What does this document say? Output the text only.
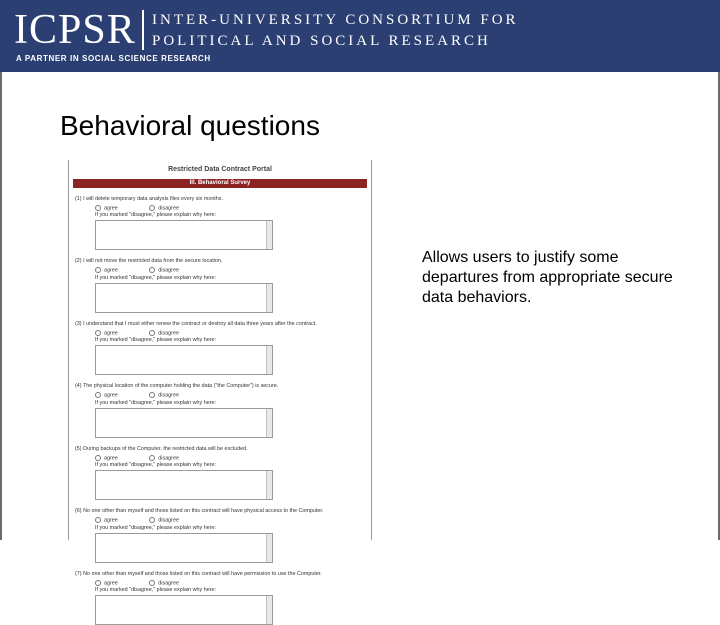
ICPSR INTER-UNIVERSITY CONSORTIUM FOR
POLITICAL AND SOCIAL RESEARCH
A PARTNER IN SOCIAL SCIENCE RESEARCH
Behavioral questions
Restricted Data Contract Portal
III. Behavioral Survey
(1) I will delete temporary data analysis files every six months.
agree	disagree
If you marked "disagree," please explain why here:
(2) I will not move the restricted data from the secure location.
agree	disagree
If you marked "disagree," please explain why here:
(3) I understand that I must either renew the contract or destroy all data three years after the contract.
agree	disagree
If you marked "disagree," please explain why here:
(4) The physical location of the computer holding the data ("the Computer") is secure.
agree	disagree
If you marked "disagree," please explain why here:
(5) During backups of the Computer, the restricted data will be excluded.
agree	disagree
If you marked "disagree," please explain why here:
(6) No one other than myself and those listed on this contract will have physical access to the Computer.
agree	disagree
If you marked "disagree," please explain why here:
(7) No one other than myself and those listed on this contract will have permission to use the Computer.
agree	disagree
If you marked "disagree," please explain why here:
Allows users to justify some departures from appropriate secure data behaviors.
